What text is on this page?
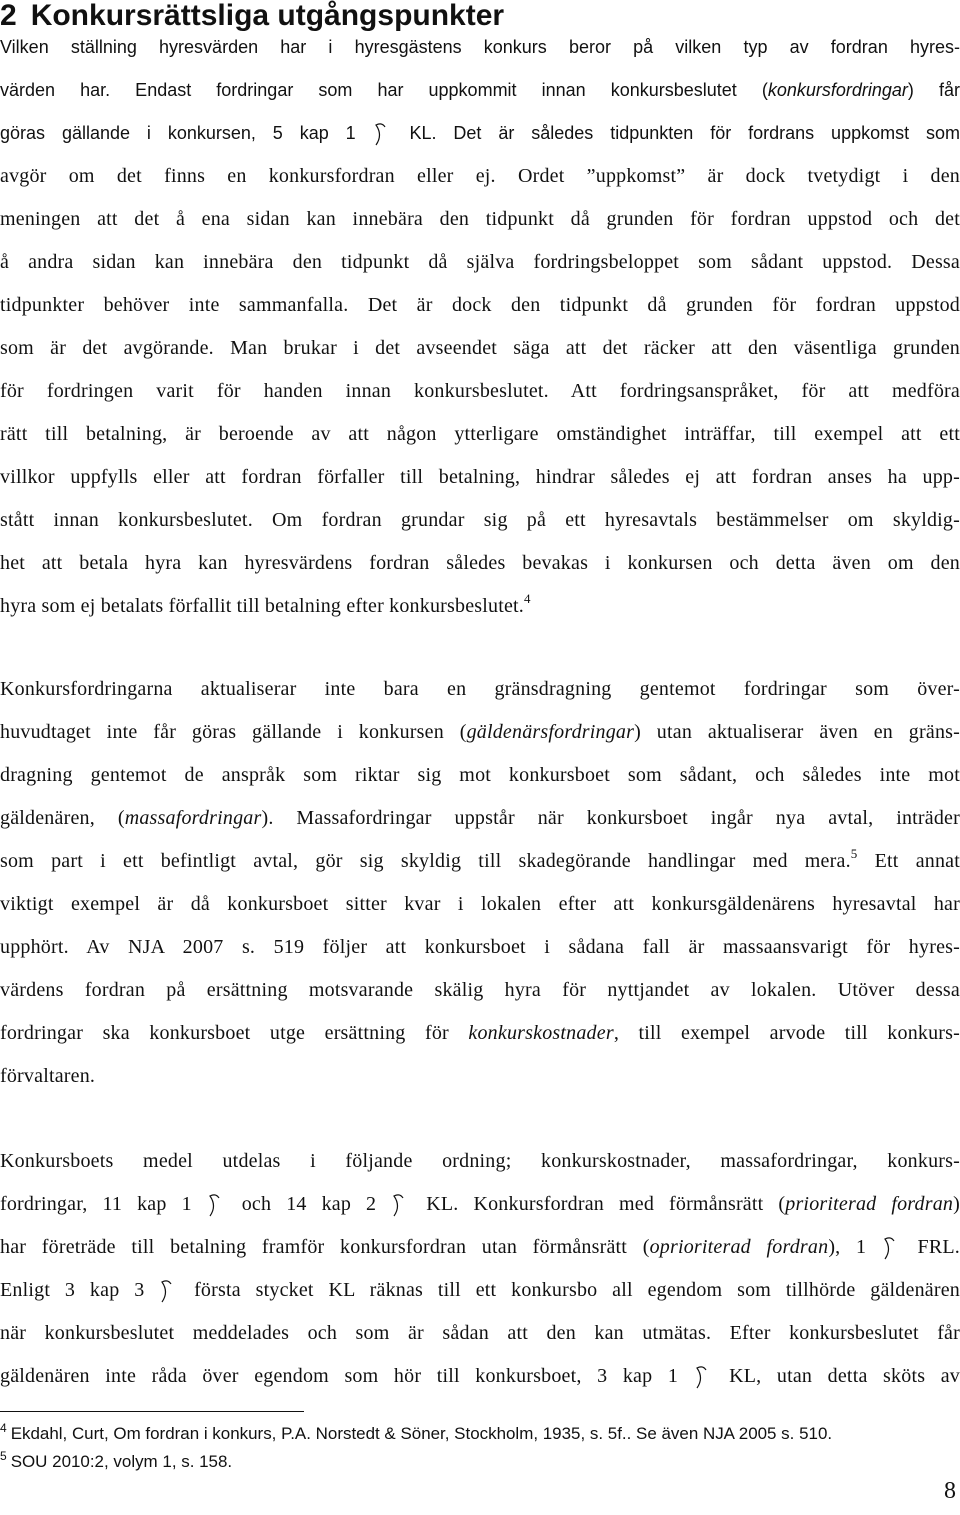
2 Konkursrättsliga utgångspunkter
Vilken ställning hyresvärden har i hyresgästens konkurs beror på vilken typ av fordran hyres-
värden har. Endast fordringar som har uppkommit innan konkursbeslutet (konkursfordringar) får
göras gällande i konkursen, 5 kap 1  KL. Det är således tidpunkten för fordrans uppkomst som
avgör om det finns en konkursfordran eller ej. Ordet ”uppkomst” är dock tvetydigt i den
meningen att det å ena sidan kan innebära den tidpunkt då grunden för fordran uppstod och det
å andra sidan kan innebära den tidpunkt då själva fordringsbeloppet som sådant uppstod. Dessa
tidpunkter behöver inte sammanfalla. Det är dock den tidpunkt då grunden för fordran uppstod
som är det avgörande. Man brukar i det avseendet säga att det räcker att den väsentliga grunden
för fordringen varit för handen innan konkursbeslutet. Att fordringsanspråket, för att medföra
rätt till betalning, är beroende av att någon ytterligare omständighet inträffar, till exempel att ett
villkor uppfylls eller att fordran förfaller till betalning, hindrar således ej att fordran anses ha upp-
stått innan konkursbeslutet. Om fordran grundar sig på ett hyresavtals bestämmelser om skyldig-
het att betala hyra kan hyresvärdens fordran således bevakas i konkursen och detta även om den
hyra som ej betalats förfallit till betalning efter konkursbeslutet.$^4$
Konkursfordringarna aktualiserar inte bara en gränsdragning gentemot fordringar som över-
huvudtaget inte får göras gällande i konkursen (gäldenärsfordringar) utan aktualiserar även en gräns-
dragning gentemot de anspråk som riktar sig mot konkursboet som sådant, och således inte mot
gäldenären, (massafordringar). Massafordringar uppstår när konkursboet ingår nya avtal, inträder
som part i ett befintligt avtal, gör sig skyldig till skadegörande handlingar med mera.$^5$ Ett annat
viktigt exempel är då konkursboet sitter kvar i lokalen efter att konkursgäldenärens hyresavtal har
upphört. Av NJA 2007 s. 519 följer att konkursboet i sådana fall är massaansvarigt för hyres-
värdens fordran på ersättning motsvarande skälig hyra för nyttjandet av lokalen. Utöver dessa
fordringar ska konkursboet utge ersättning för konkurskostnader, till exempel arvode till konkurs-
förvaltaren.
Konkursboets medel utdelas i följande ordning; konkurskostnader, massafordringar, konkurs-
fordringar, 11 kap 1  och 14 kap 2  KL. Konkursfordran med förmånsrätt (prioriterad fordran)
har företräde till betalning framför konkursfordran utan förmånsrätt (oprioriterad fordran), 1  FRL.
Enligt 3 kap 3  första stycket KL räknas till ett konkursbo all egendom som tillhörde gäldenären
när konkursbeslutet meddelades och som är sådan att den kan utmätas. Efter konkursbeslutet får
gäldenären inte råda över egendom som hör till konkursboet, 3 kap 1  KL, utan detta sköts av
$^4$ Ekdahl, Curt, Om fordran i konkurs, P.A. Norstedt & Söner, Stockholm, 1935, s. 5f.. Se även NJA 2005 s. 510.
$^5$ SOU 2010:2, volym 1, s. 158.
8
